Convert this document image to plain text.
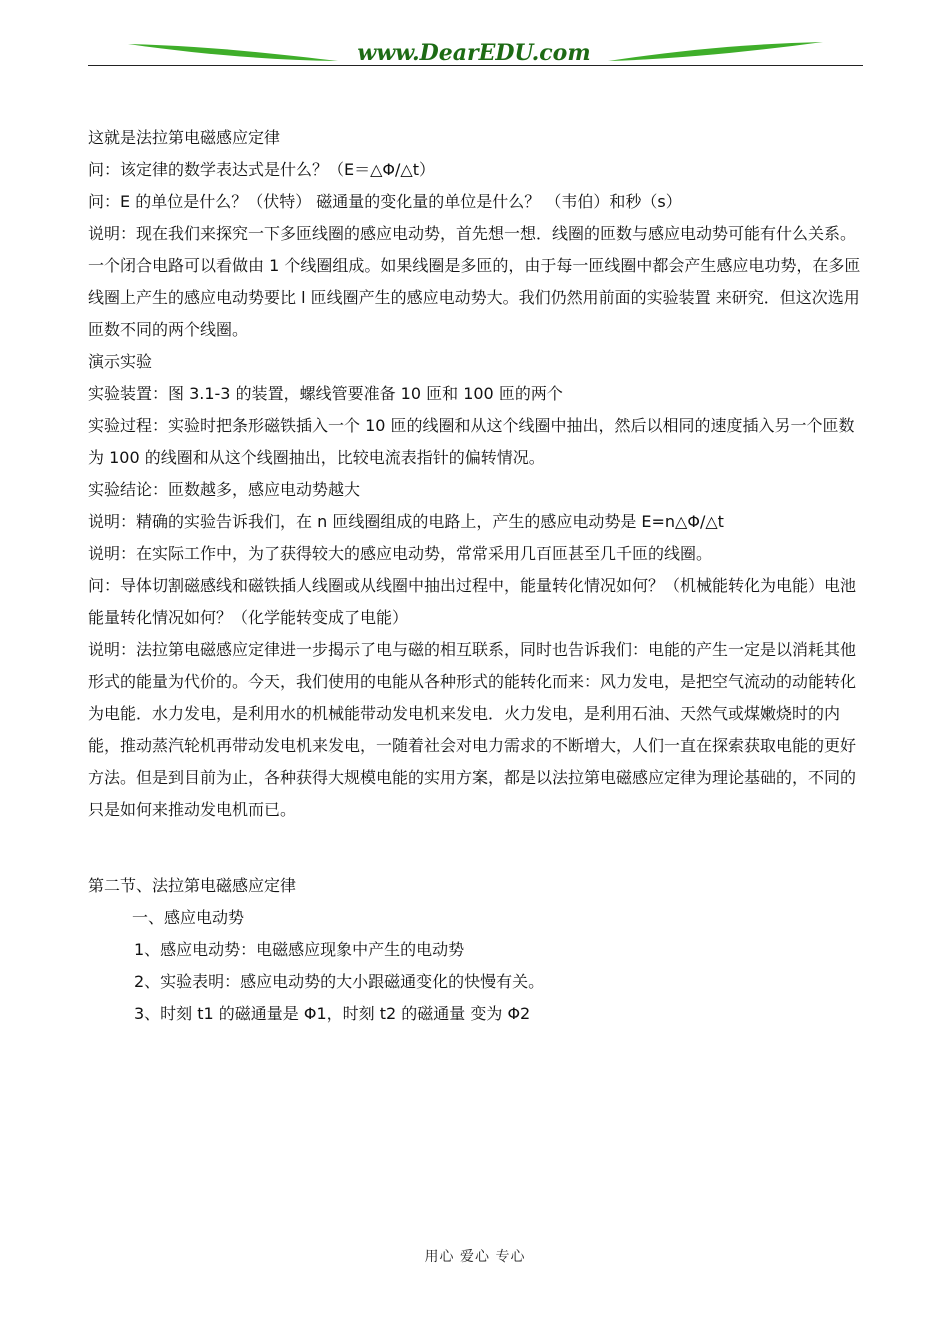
www.DearEDU.com

这就是法拉第电磁感应定律

问：该定律的数学表达式是什么？（E＝△Φ/△t）

问：E 的单位是什么？（伏特） 磁通量的变化量的单位是什么？ （韦伯）和秒（s）

说明：现在我们来探究一下多匝线圈的感应电动势，首先想一想．线圈的匝数与感应电动势可能有什么关系。一个闭合电路可以看做由 1 个线圈组成。如果线圈是多匝的，由于每一匝线圈中都会产生感应电功势，在多匝线圈上产生的感应电动势要比 l 匝线圈产生的感应电动势大。我们仍然用前面的实验装置 来研究．但这次选用匝数不同的两个线圈。

演示实验

实验装置：图 3.1-3 的装置，螺线管要准备 10 匝和 100 匝的两个

实验过程：实验时把条形磁铁插入一个 10 匝的线圈和从这个线圈中抽出，然后以相同的速度插入另一个匝数为 100 的线圈和从这个线圈抽出，比较电流表指针的偏转情况。

实验结论：匝数越多，感应电动势越大

说明：精确的实验告诉我们，在 n 匝线圈组成的电路上，产生的感应电动势是 E=n△Φ/△t

说明：在实际工作中，为了获得较大的感应电动势，常常采用几百匝甚至几千匝的线圈。

问：导体切割磁感线和磁铁插人线圈或从线圈中抽出过程中，能量转化情况如何？（机械能转化为电能）电池能量转化情况如何？（化学能转变成了电能）

说明：法拉第电磁感应定律进一步揭示了电与磁的相互联系，同时也告诉我们：电能的产生一定是以消耗其他形式的能量为代价的。今天，我们使用的电能从各种形式的能转化而来：风力发电，是把空气流动的动能转化为电能．水力发电，是利用水的机械能带动发电机来发电．火力发电，是利用石油、天然气或煤嫩烧时的内能，推动蒸汽轮机再带动发电机来发电，一随着社会对电力需求的不断增大，人们一直在探索获取电能的更好方法。但是到目前为止，各种获得大规模电能的实用方案，都是以法拉第电磁感应定律为理论基础的，不同的只是如何来推动发电机而已。

第二节、法拉第电磁感应定律

一、感应电动势

1、感应电动势：电磁感应现象中产生的电动势

2、实验表明：感应电动势的大小跟磁通变化的快慢有关。

3、时刻 t1 的磁通量是 Φ1，时刻 t2 的磁通量 变为 Φ2

用心 爱心 专心
